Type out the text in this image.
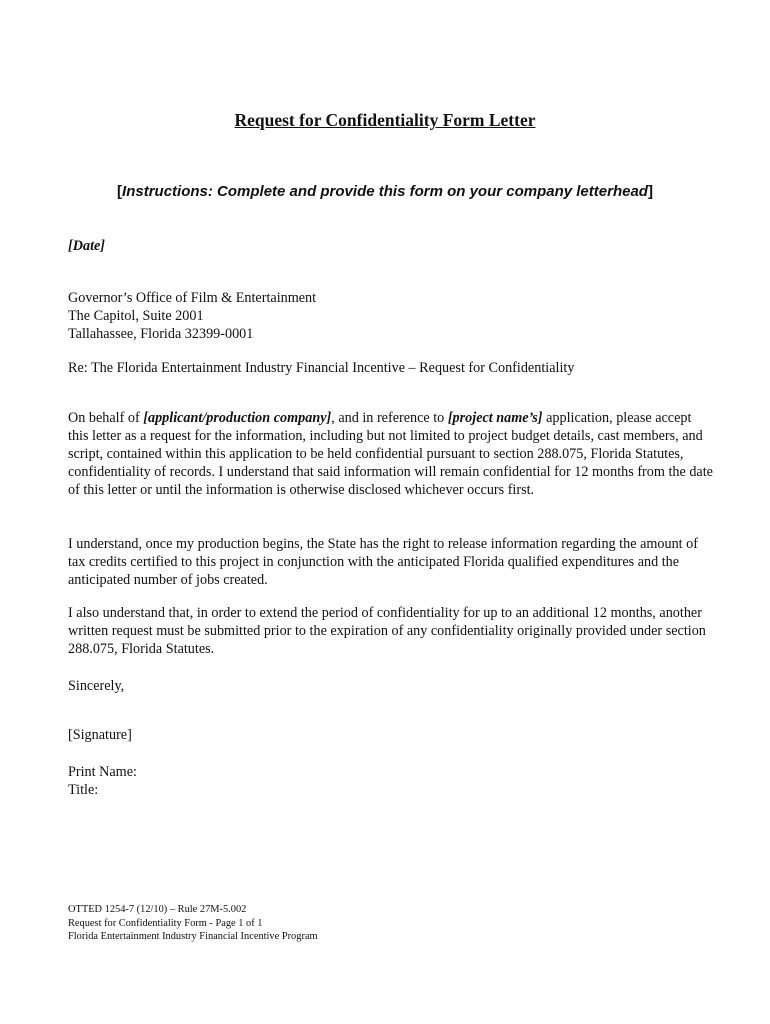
Request for Confidentiality Form Letter
[Instructions: Complete and provide this form on your company letterhead]
[Date]
Governor’s Office of Film & Entertainment
The Capitol, Suite 2001
Tallahassee, Florida 32399-0001
Re: The Florida Entertainment Industry Financial Incentive – Request for Confidentiality
On behalf of [applicant/production company], and in reference to [project name’s] application, please accept this letter as a request for the information, including but not limited to project budget details, cast members, and script, contained within this application to be held confidential pursuant to section 288.075, Florida Statutes, confidentiality of records. I understand that said information will remain confidential for 12 months from the date of this letter or until the information is otherwise disclosed whichever occurs first.
I understand, once my production begins, the State has the right to release information regarding the amount of tax credits certified to this project in conjunction with the anticipated Florida qualified expenditures and the anticipated number of jobs created.
I also understand that, in order to extend the period of confidentiality for up to an additional 12 months, another written request must be submitted prior to the expiration of any confidentiality originally provided under section 288.075, Florida Statutes.
Sincerely,
[Signature]
Print Name:
Title:
OTTED 1254-7 (12/10) – Rule 27M-5.002
Request for Confidentiality Form - Page 1 of 1
Florida Entertainment Industry Financial Incentive Program
